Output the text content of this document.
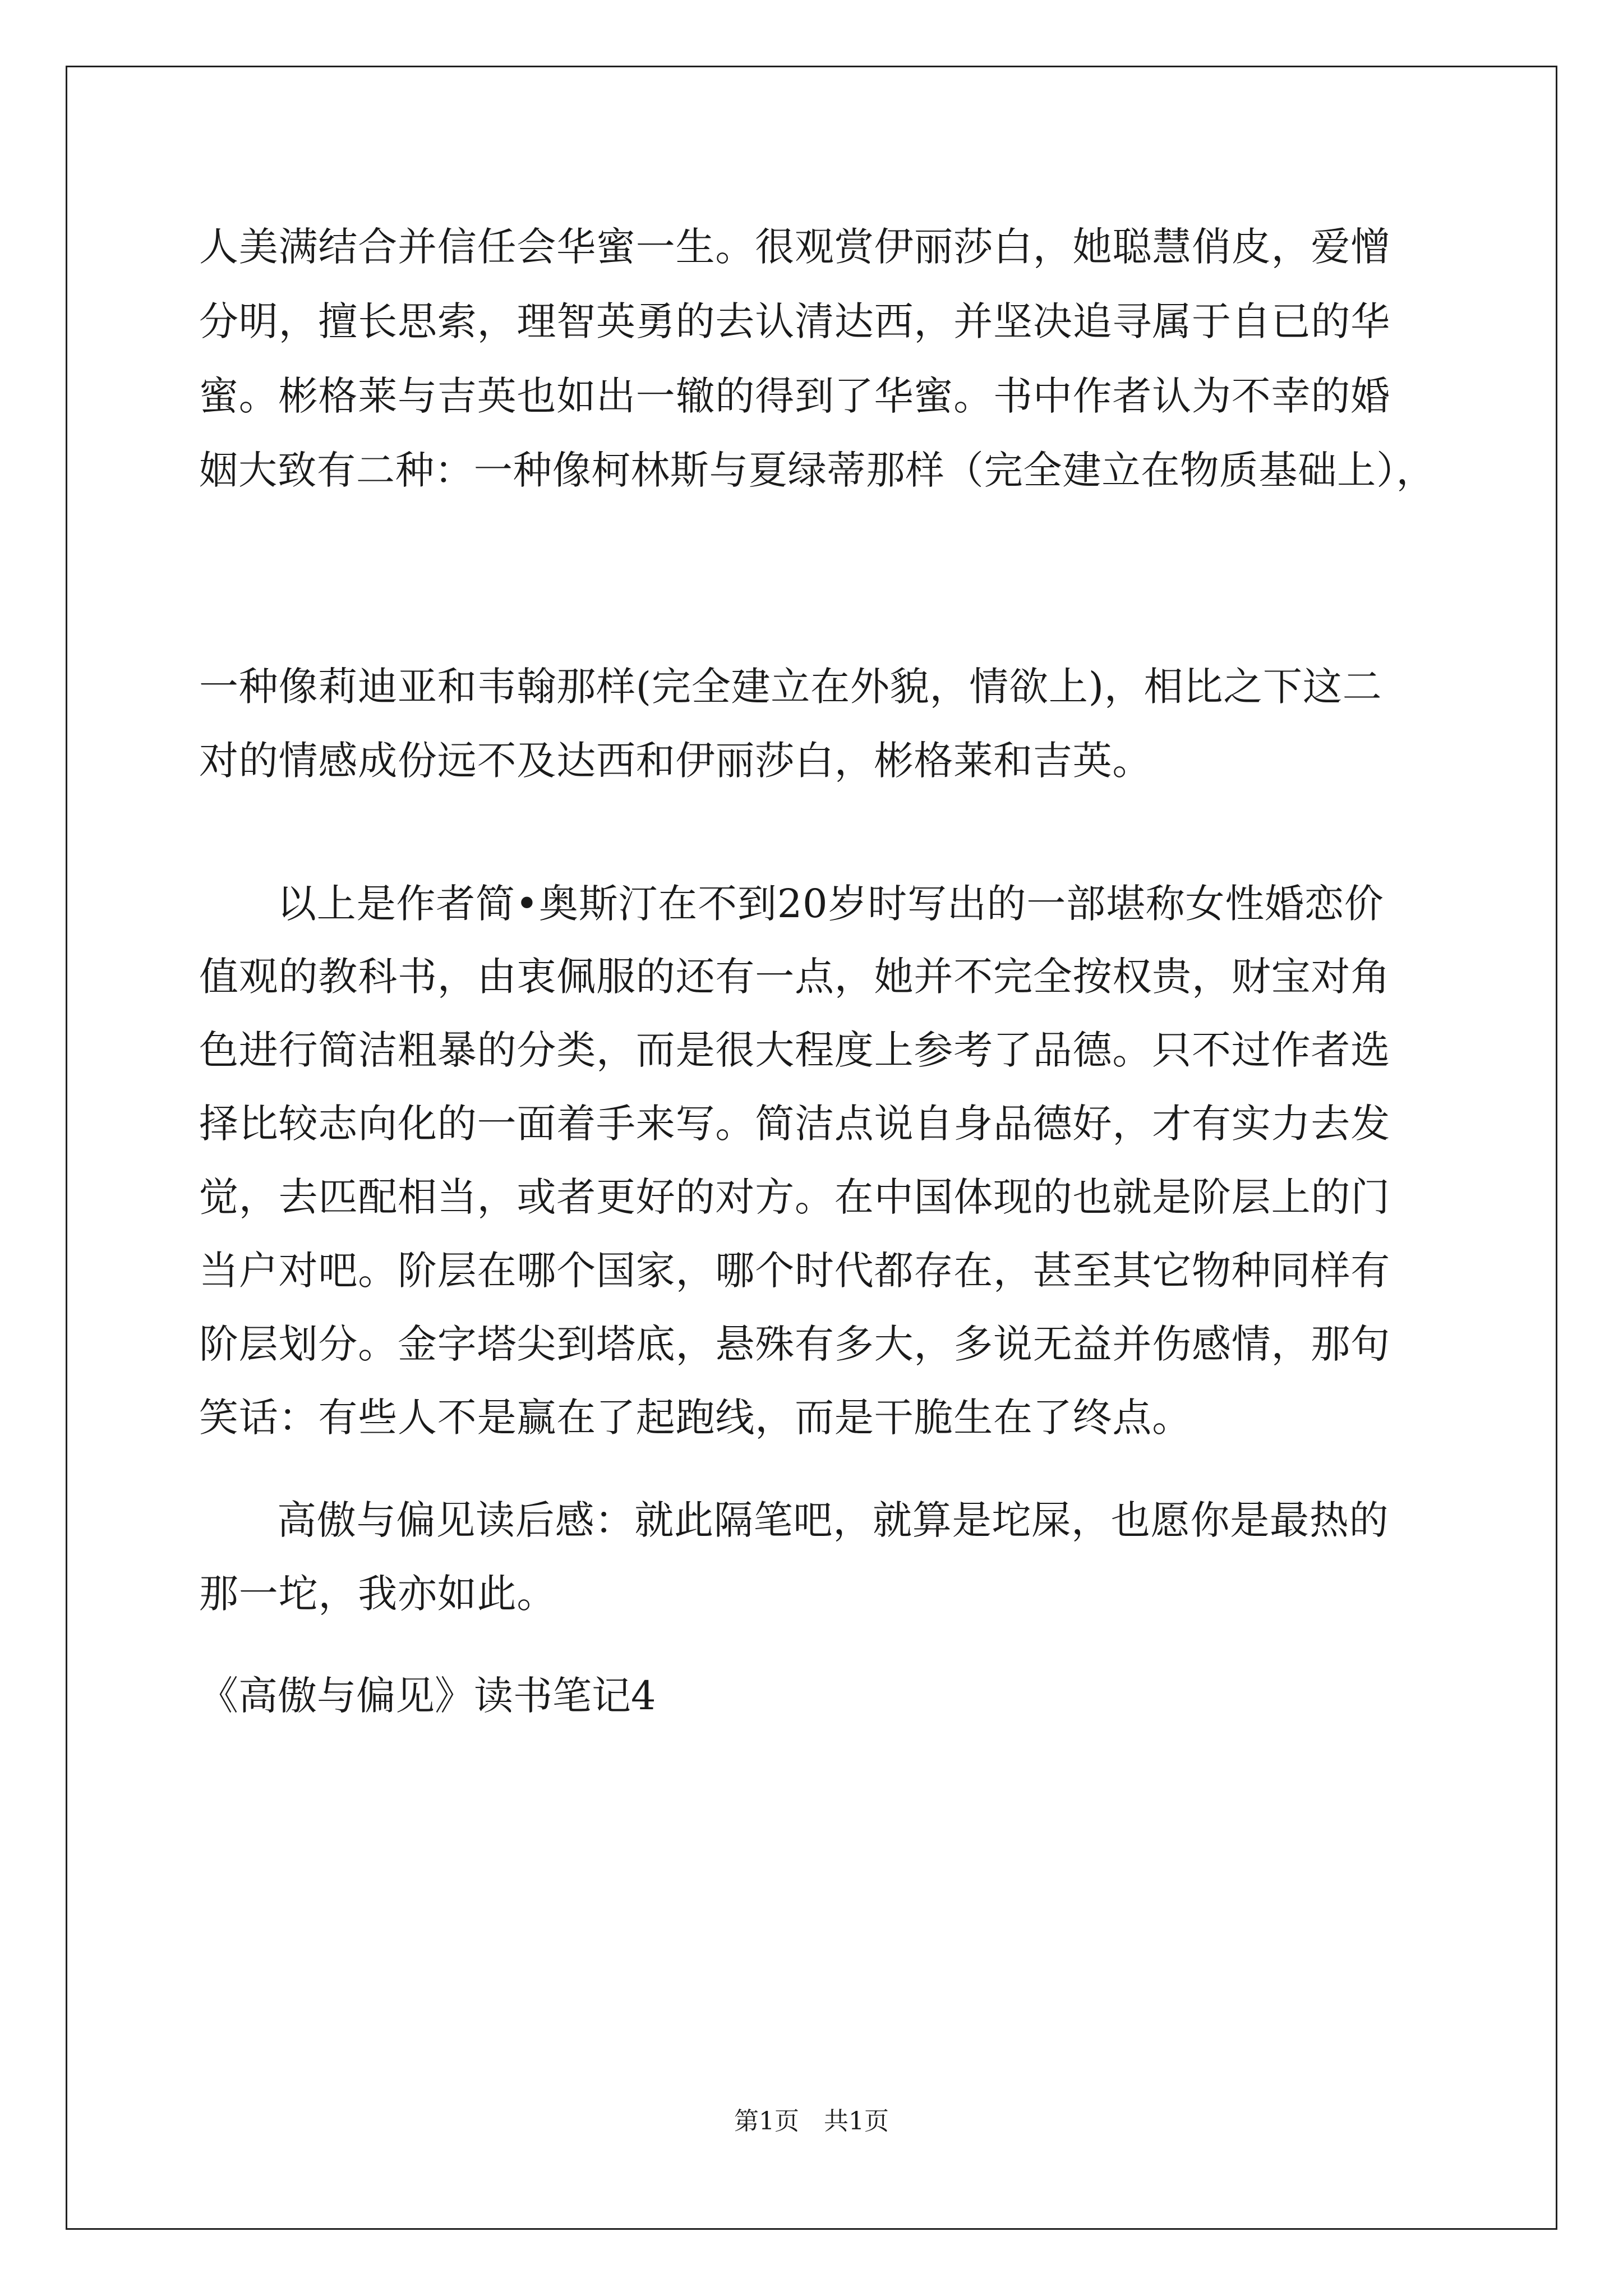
人美满结合并信任会华蜜一生。很观赏伊丽莎白，她聪慧俏皮，爱憎
分明，擅长思索，理智英勇的去认清达西，并坚决追寻属于自已的华
蜜。彬格莱与吉英也如出一辙的得到了华蜜。书中作者认为不幸的婚
姻大致有二种：一种像柯林斯与夏绿蒂那样（完全建立在物质基础上），
一种像莉迪亚和韦翰那样(完全建立在外貌，情欲上)，相比之下这二
对的情感成份远不及达西和伊丽莎白，彬格莱和吉英。
以上是作者简•奥斯汀在不到20岁时写出的一部堪称女性婚恋价
值观的教科书，由衷佩服的还有一点，她并不完全按权贵，财宝对角
色进行简洁粗暴的分类，而是很大程度上参考了品德。只不过作者选
择比较志向化的一面着手来写。简洁点说自身品德好，才有实力去发
觉，去匹配相当，或者更好的对方。在中国体现的也就是阶层上的门
当户对吧。阶层在哪个国家，哪个时代都存在，甚至其它物种同样有
阶层划分。金字塔尖到塔底，悬殊有多大，多说无益并伤感情，那句
笑话：有些人不是赢在了起跑线，而是干脆生在了终点。
高傲与偏见读后感：就此隔笔吧，就算是坨屎，也愿你是最热的
那一坨，我亦如此。
《高傲与偏见》读书笔记4
第1页　共1页
